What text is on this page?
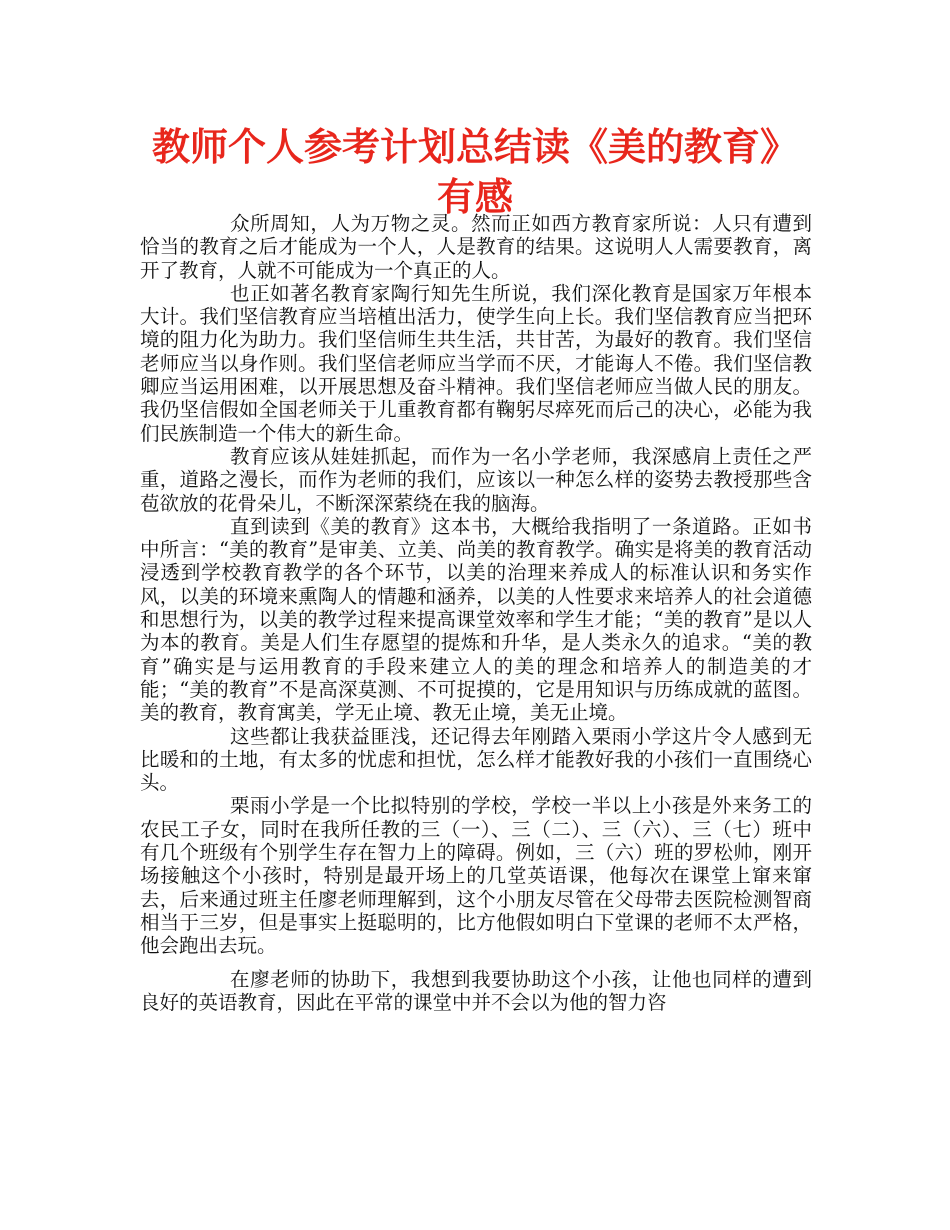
教师个人参考计划总结读《美的教育》有感

众所周知，人为万物之灵。然而正如西方教育家所说：人只有遭到恰当的教育之后才能成为一个人，人是教育的结果。这说明人人需要教育，离开了教育，人就不可能成为一个真正的人。

也正如著名教育家陶行知先生所说，我们深化教育是国家万年根本大计。我们坚信教育应当培植出活力，使学生向上长。我们坚信教育应当把环境的阻力化为助力。我们坚信师生共生活，共甘苦，为最好的教育。我们坚信老师应当以身作则。我们坚信老师应当学而不厌，才能诲人不倦。我们坚信教卿应当运用困难，以开展思想及奋斗精神。我们坚信老师应当做人民的朋友。我仍坚信假如全国老师关于儿重教育都有鞠躬尽瘁死而后己的决心，必能为我们民族制造一个伟大的新生命。

教育应该从娃娃抓起，而作为一名小学老师，我深感肩上责任之严重，道路之漫长，而作为老师的我们，应该以一种怎么样的姿势去教授那些含苞欲放的花骨朵儿，不断深深萦绕在我的脑海。

直到读到《美的教育》这本书，大概给我指明了一条道路。正如书中所言：“美的教育”是审美、立美、尚美的教育教学。确实是将美的教育活动浸透到学校教育教学的各个环节，以美的治理来养成人的标准认识和务实作风，以美的环境来熏陶人的情趣和涵养，以美的人性要求来培养人的社会道德和思想行为，以美的教学过程来提高课堂效率和学生才能；“美的教育”是以人为本的教育。美是人们生存愿望的提炼和升华，是人类永久的追求。“美的教育”确实是与运用教育的手段来建立人的美的理念和培养人的制造美的才能；“美的教育”不是高深莫测、不可捉摸的，它是用知识与历练成就的蓝图。美的教育，教育寓美，学无止境、教无止境，美无止境。

这些都让我获益匪浅，还记得去年刚踏入栗雨小学这片令人感到无比暖和的土地，有太多的忧虑和担忧，怎么样才能教好我的小孩们一直围绕心头。

栗雨小学是一个比拟特别的学校，学校一半以上小孩是外来务工的农民工子女，同时在我所任教的三（一）、三（二）、三（六）、三（七）班中有几个班级有个别学生存在智力上的障碍。例如，三（六）班的罗松帅，刚开场接触这个小孩时，特别是最开场上的几堂英语课，他每次在课堂上窜来窜去，后来通过班主任廖老师理解到，这个小朋友尽管在父母带去医院检测智商相当于三岁，但是事实上挺聪明的，比方他假如明白下堂课的老师不太严格，他会跑出去玩。

在廖老师的协助下，我想到我要协助这个小孩，让他也同样的遭到良好的英语教育，因此在平常的课堂中并不会以为他的智力咨
